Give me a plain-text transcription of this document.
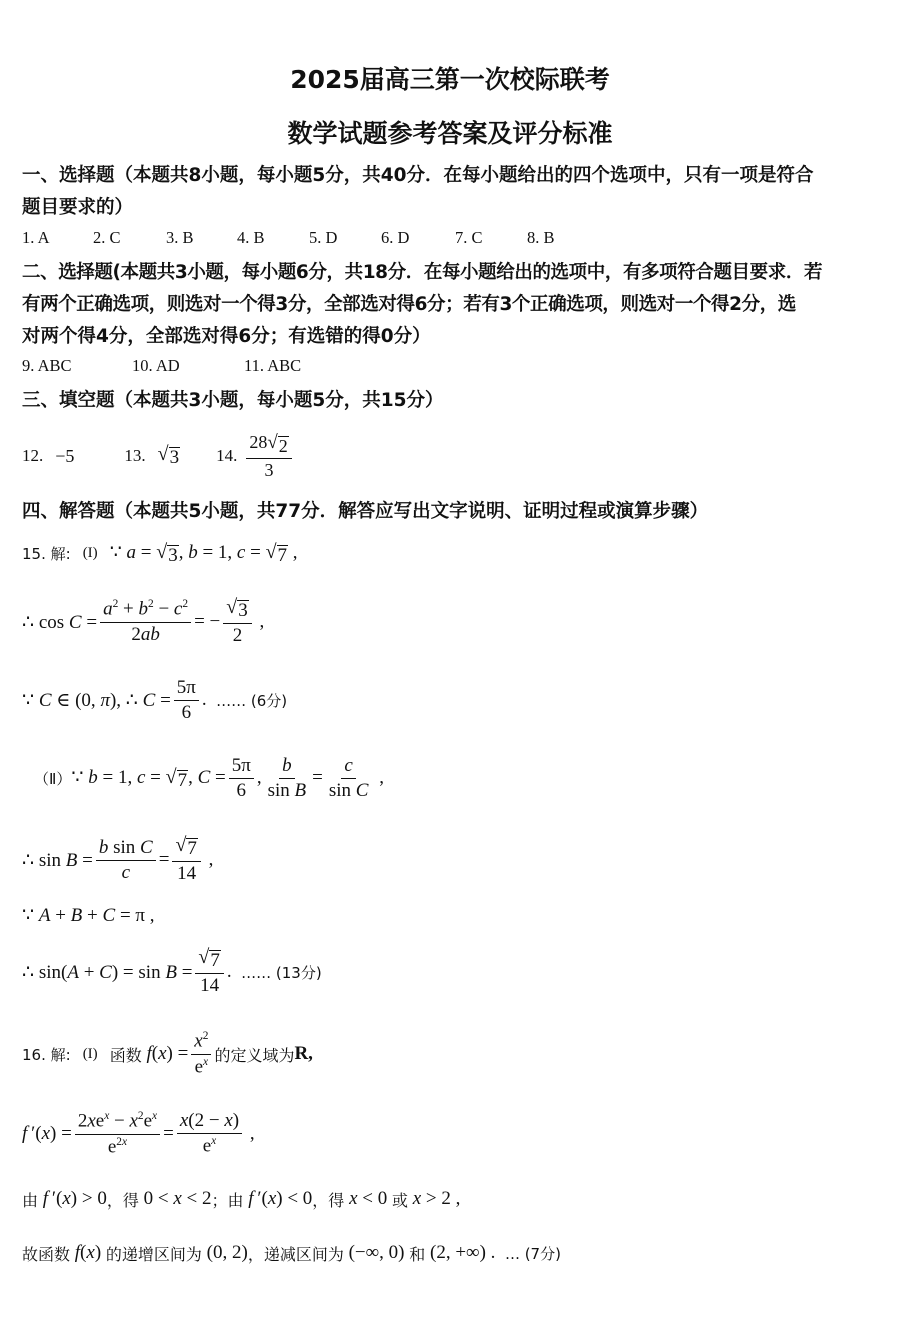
2025届高三第一次校际联考
数学试题参考答案及评分标准
一、选择题（本题共8小题，每小题5分，共40分．在每小题给出的四个选项中，只有一项是符合
题目要求的）
1. A	2. C	3. B	4. B	5. D	6. D	7. C	8. B
二、选择题(本题共3小题，每小题6分，共18分．在每小题给出的选项中，有多项符合题目要求．若
有两个正确选项，则选对一个得3分，全部选对得6分；若有3个正确选项，则选对一个得2分，选
对两个得4分，全部选对得6分；有选错的得0分）
9. ABC	10. AD	11. ABC
三、填空题（本题共3小题，每小题5分，共15分）
12. −5	13. √ 3 14. $\frac{28 √ 2}{3}$
四、解答题（本题共5小题，共77分．解答应写出文字说明、证明过程或演算步骤）
15. 解: (I) ∵ a = √ 3 , b = 1, c = √ 7 ,
∴ $\cos C = \frac{a^2 + b^2 - c^2}{2ab}$ = − $\frac{√ 3}{2}$ ,
∵ C ∈ (0, π), ∴ $C = \frac{5\pi}{6}$ . …… (6分)
（Ⅱ） ∵ b = 1, c = √ 7 , $C = \frac{5\pi}{6}$ , $\frac{b}{\text{sin B}} = \frac{c}{\text{sin C}}$ ,
∴ $\sin B = \frac{\text{b sin C}}{c} = \frac{√ 7}{14}$ ,
∵ A + B + C = π ,
∴ $\sin(A + C) = \sin B = \frac{√ 7}{14}$ . …… (13分)
16. 解: (I) 函数 $f(x) = \frac{x^2}{e^x}$ 的定义域为 R,
f $'(x) = \frac{2xe^x - x^2e^x}{e^{2x}} = \frac{x(2 - x)}{e^x}$ ,
由 f ′(x) > 0 ，得 0 < x < 2 ；由 f ′(x) < 0 ，得 x < 0 或 x > 2 ,
故函数 f(x) 的递增区间为 (0, 2) ，递减区间为 (−∞, 0) 和 (2, +∞) . … (7分)
